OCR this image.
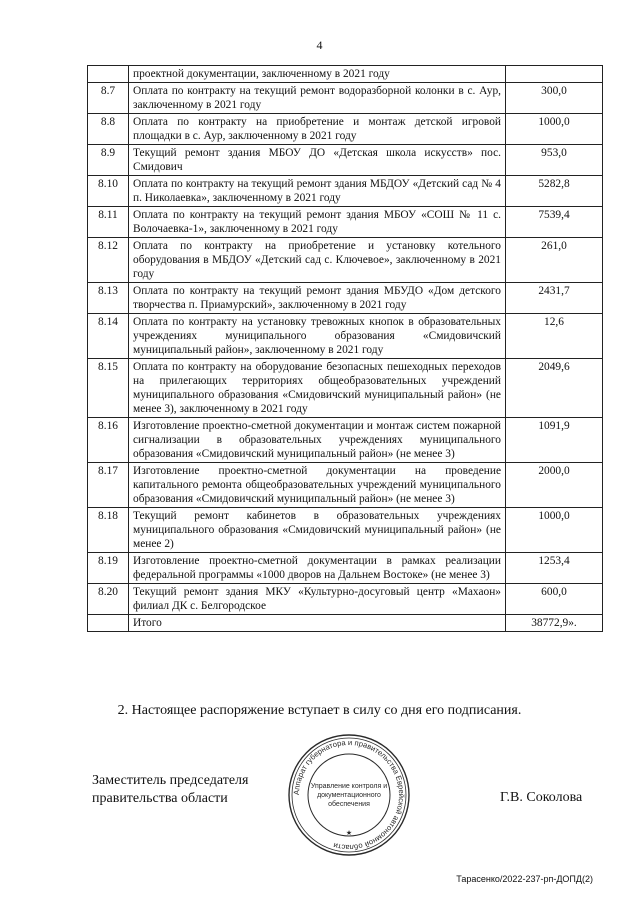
4
	проектной документации, заключенному в 2021 году	
8.7	Оплата по контракту на текущий ремонт водоразборной колонки в с. Аур, заключенному в 2021 году	300,0
8.8	Оплата по контракту на приобретение и монтаж детской игровой площадки в с. Аур, заключенному в 2021 году	1000,0
8.9	Текущий ремонт здания МБОУ ДО «Детская школа искусств» пос. Смидович	953,0
8.10	Оплата по контракту на текущий ремонт здания МБДОУ «Детский сад № 4 п. Николаевка», заключенному в 2021 году	5282,8
8.11	Оплата по контракту на текущий ремонт здания МБОУ «СОШ № 11 с. Волочаевка-1», заключенному в 2021 году	7539,4
8.12	Оплата по контракту на приобретение и установку котельного оборудования в МБДОУ «Детский сад с. Ключевое», заключенному в 2021 году	261,0
8.13	Оплата по контракту на текущий ремонт здания МБУДО «Дом детского творчества п. Приамурский», заключенному в 2021 году	2431,7
8.14	Оплата по контракту на установку тревожных кнопок в образовательных учреждениях муниципального образования «Смидовичский муниципальный район», заключенному в 2021 году	12,6
8.15	Оплата по контракту на оборудование безопасных пешеходных переходов на прилегающих территориях общеобразовательных учреждений муниципального образования «Смидовичский муниципальный район» (не менее 3), заключенному в 2021 году	2049,6
8.16	Изготовление проектно-сметной документации и монтаж систем пожарной сигнализации в образовательных учреждениях муниципального образования «Смидовичский муниципальный район» (не менее 3)	1091,9
8.17	Изготовление проектно-сметной документации на проведение капитального ремонта общеобразовательных учреждений муниципального образования «Смидовичский муниципальный район» (не менее 3)	2000,0
8.18	Текущий ремонт кабинетов в образовательных учреждениях муниципального образования «Смидовичский муниципальный район» (не менее 2)	1000,0
8.19	Изготовление проектно-сметной документации в рамках реализации федеральной программы «1000 дворов на Дальнем Востоке» (не менее 3)	1253,4
8.20	Текущий ремонт здания МКУ «Культурно-досуговый центр «Махаон» филиал ДК с. Белгородское	600,0
	Итого	38772,9».
2. Настоящее распоряжение вступает в силу со дня его подписания.
Заместитель председателя
правительства области	Аппарат губернатора и правительства Еврейской автономной области
Управление контроля и
документационного
обеспечения
★
Г.В. Соколова
Тарасенко/2022-237-рп-ДОПД(2)
